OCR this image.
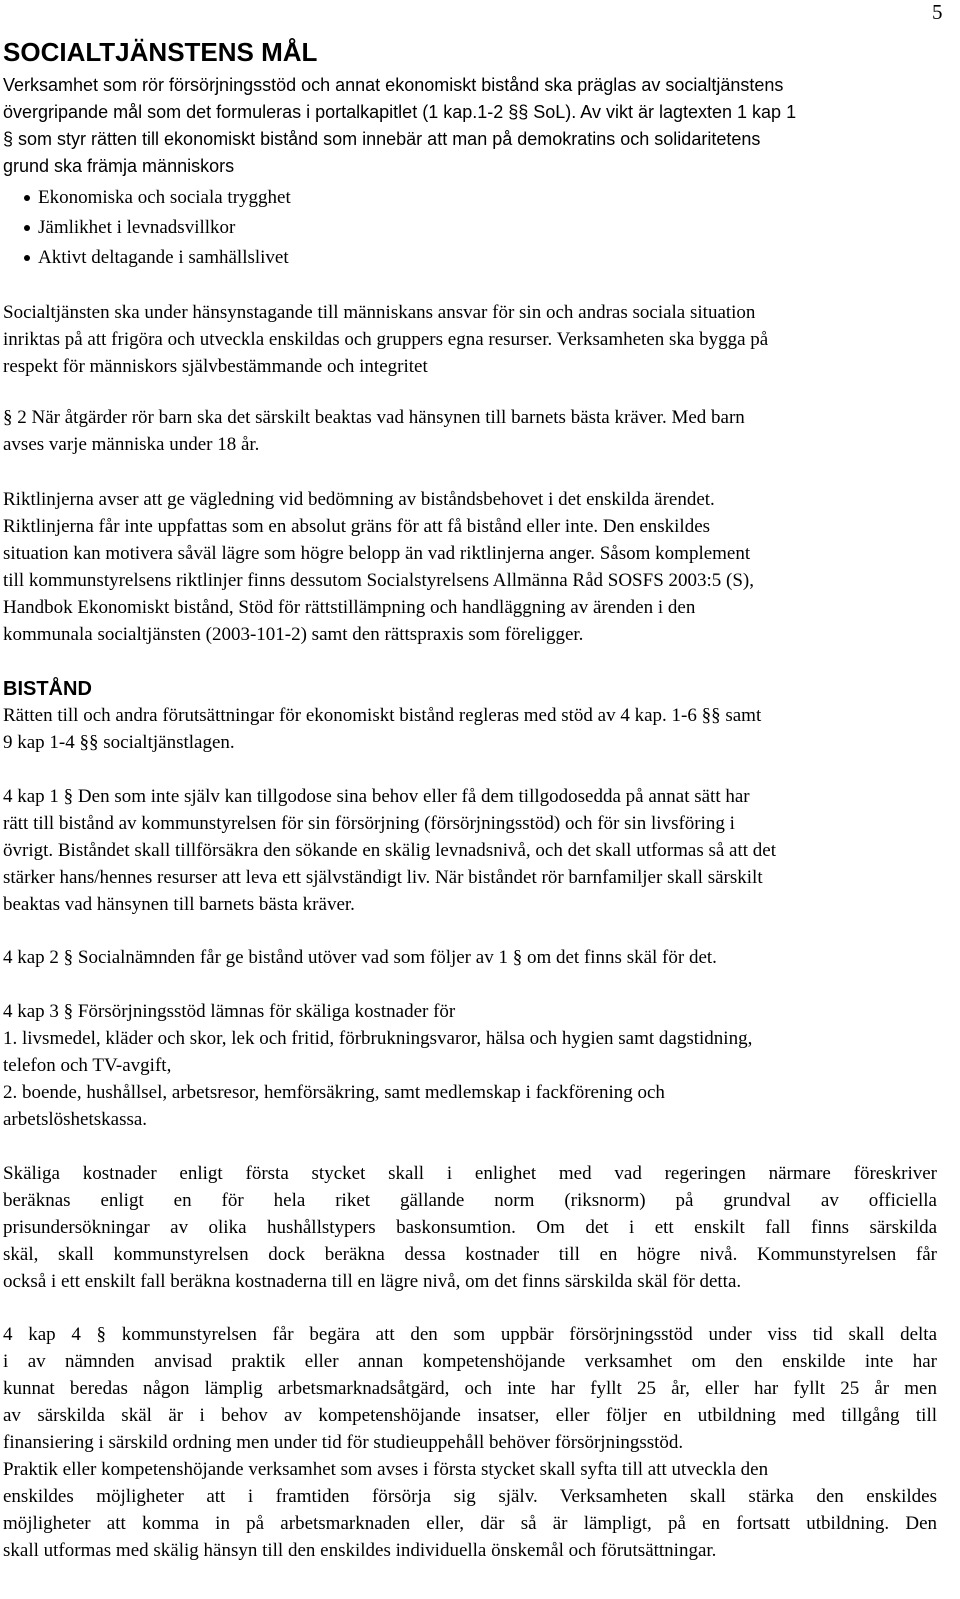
5
SOCIALTJÄNSTENS MÅL
Verksamhet som rör försörjningsstöd och annat ekonomiskt bistånd ska präglas av socialtjänstens
övergripande mål som det formuleras i portalkapitlet (1 kap.1-2 §§ SoL). Av vikt är lagtexten 1 kap 1
§ som styr rätten till ekonomiskt bistånd som innebär att man på demokratins och solidaritetens
grund ska främja människors
Ekonomiska och sociala trygghet
Jämlikhet i levnadsvillkor
Aktivt deltagande i samhällslivet
Socialtjänsten ska under hänsynstagande till människans ansvar för sin och andras sociala situation
inriktas på att frigöra och utveckla enskildas och gruppers egna resurser. Verksamheten ska bygga på
respekt för människors självbestämmande och integritet
§ 2 När åtgärder rör barn ska det särskilt beaktas vad hänsynen till barnets bästa kräver. Med barn
avses varje människa under 18 år.
Riktlinjerna avser att ge vägledning vid bedömning av biståndsbehovet i det enskilda ärendet.
Riktlinjerna får inte uppfattas som en absolut gräns för att få bistånd eller inte. Den enskildes
situation kan motivera såväl lägre som högre belopp än vad riktlinjerna anger. Såsom komplement
till kommunstyrelsens riktlinjer finns dessutom Socialstyrelsens Allmänna Råd SOSFS 2003:5 (S),
Handbok Ekonomiskt bistånd, Stöd för rättstillämpning och handläggning av ärenden i den
kommunala socialtjänsten (2003-101-2) samt den rättspraxis som föreligger.
BISTÅND
Rätten till och andra förutsättningar för ekonomiskt bistånd regleras med stöd av 4 kap. 1-6 §§ samt
9 kap 1-4 §§ socialtjänstlagen.
4 kap 1 § Den som inte själv kan tillgodose sina behov eller få dem tillgodosedda på annat sätt har
rätt till bistånd av kommunstyrelsen för sin försörjning (försörjningsstöd) och för sin livsföring i
övrigt. Biståndet skall tillförsäkra den sökande en skälig levnadsnivå, och det skall utformas så att det
stärker hans/hennes resurser att leva ett självständigt liv. När biståndet rör barnfamiljer skall särskilt
beaktas vad hänsynen till barnets bästa kräver.
4 kap 2 § Socialnämnden får ge bistånd utöver vad som följer av 1 § om det finns skäl för det.
4 kap 3 § Försörjningsstöd lämnas för skäliga kostnader för
1. livsmedel, kläder och skor, lek och fritid, förbrukningsvaror, hälsa och hygien samt dagstidning,
telefon och TV-avgift,
2. boende, hushållsel, arbetsresor, hemförsäkring, samt medlemskap i fackförening och
arbetslöshetskassa.
Skäliga kostnader enligt första stycket skall i enlighet med vad regeringen närmare föreskriver
beräknas enligt en för hela riket gällande norm (riksnorm) på grundval av officiella
prisundersökningar av olika hushållstypers baskonsumtion. Om det i ett enskilt fall finns särskilda
skäl, skall kommunstyrelsen dock beräkna dessa kostnader till en högre nivå. Kommunstyrelsen får
också i ett enskilt fall beräkna kostnaderna till en lägre nivå, om det finns särskilda skäl för detta.
4 kap 4 § kommunstyrelsen får begära att den som uppbär försörjningsstöd under viss tid skall delta
i av nämnden anvisad praktik eller annan kompetenshöjande verksamhet om den enskilde inte har
kunnat beredas någon lämplig arbetsmarknadsåtgärd, och inte har fyllt 25 år, eller har fyllt 25 år men
av särskilda skäl är i behov av kompetenshöjande insatser, eller följer en utbildning med tillgång till
finansiering i särskild ordning men under tid för studieuppehåll behöver försörjningsstöd.
Praktik eller kompetenshöjande verksamhet som avses i första stycket skall syfta till att utveckla den
enskildes möjligheter att i framtiden försörja sig själv. Verksamheten skall stärka den enskildes
möjligheter att komma in på arbetsmarknaden eller, där så är lämpligt, på en fortsatt utbildning. Den
skall utformas med skälig hänsyn till den enskildes individuella önskemål och förutsättningar.
